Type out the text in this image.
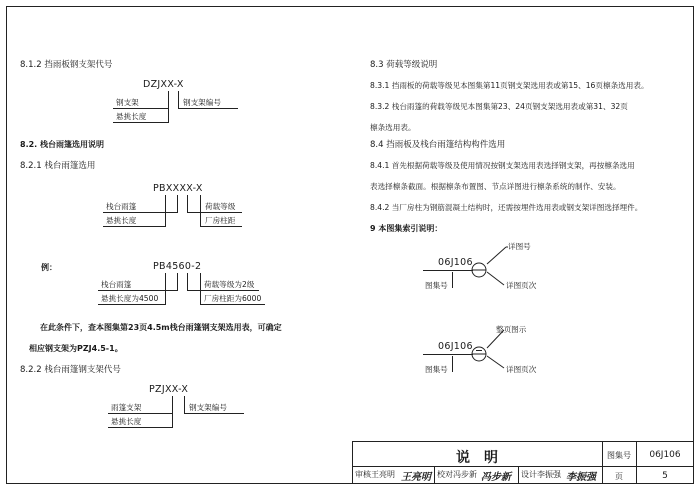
8.1.2 挡雨板钢支架代号
DZJXX-X
钢支架
悬挑长度
钢支架编号
8.2. 栈台雨篷选用说明
8.2.1 栈台雨篷选用
PBXXXX-X
栈台雨篷
悬挑长度
荷载等级
厂房柱距
例：	PB4560-2
栈台雨篷
悬挑长度为4500
荷载等级为2级
厂房柱距为6000
在此条件下，查本图集第23页4.5m栈台雨篷钢支架选用表，可确定
相应钢支架为PZJ4.5-1。
8.2.2 栈台雨篷钢支架代号
PZJXX-X
雨篷支架
悬挑长度
钢支架编号
8.3 荷载等级说明
8.3.1 挡雨板的荷载等级见本图集第11页钢支架选用表或第15、16页檩条选用表。
8.3.2 栈台雨篷的荷载等级见本图集第23、24页钢支架选用表或第31、32页
檩条选用表。
8.4 挡雨板及栈台雨篷结构构件选用
8.4.1 首先根据荷载等级及使用情况按钢支架选用表选择钢支架，再按檩条选用
表选择檩条截面。根据檩条布置图、节点详图进行檩条系统的制作、安装。
8.4.2 当厂房柱为钢筋混凝土结构时，还需按埋件选用表或钢支架详图选择埋件。
9 本图集索引说明：
06J106
详图号
图集号	详图页次
06J106
整页图示
图集号	详图页次
说　明	图集号	06J106
审核王亮明 王亮明 校对冯步新 冯步新 设计李振强 李振强	页	5
